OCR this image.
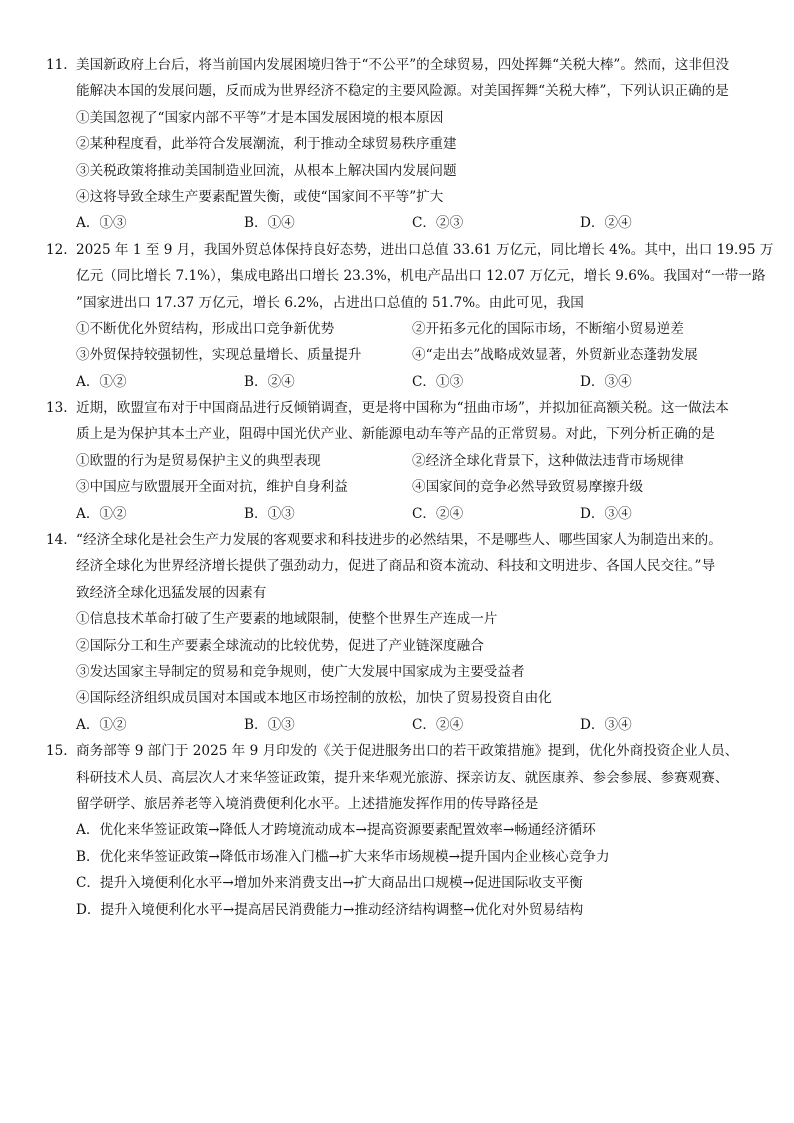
11. 美国新政府上台后，将当前国内发展困境归咎于“不公平”的全球贸易，四处挥舞“关税大棒”。然而，这非但没
能解决本国的发展问题，反而成为世界经济不稳定的主要风险源。对美国挥舞“关税大棒”，下列认识正确的是
①美国忽视了“国家内部不平等”才是本国发展困境的根本原因
②某种程度看，此举符合发展潮流，利于推动全球贸易秩序重建
③关税政策将推动美国制造业回流，从根本上解决国内发展问题
④这将导致全球生产要素配置失衡，或使“国家间不平等”扩大
A．①③	B．①④	C．②③	D．②④
12. 2025 年 1 至 9 月，我国外贸总体保持良好态势，进出口总值 33.61 万亿元，同比增长 4%。其中，出口 19.95 万
亿元（同比增长 7.1%），集成电路出口增长 23.3%，机电产品出口 12.07 万亿元，增长 9.6%。我国对“一带一路
”国家进出口 17.37 万亿元，增长 6.2%，占进出口总值的 51.7%。由此可见，我国
①不断优化外贸结构，形成出口竞争新优势	②开拓多元化的国际市场，不断缩小贸易逆差
③外贸保持较强韧性，实现总量增长、质量提升	④“走出去”战略成效显著，外贸新业态蓬勃发展
A．①②	B．②④	C．①③	D．③④
13. 近期，欧盟宣布对于中国商品进行反倾销调查，更是将中国称为“扭曲市场”，并拟加征高额关税。这一做法本
质上是为保护其本土产业，阻碍中国光伏产业、新能源电动车等产品的正常贸易。对此，下列分析正确的是
①欧盟的行为是贸易保护主义的典型表现	②经济全球化背景下，这种做法违背市场规律
③中国应与欧盟展开全面对抗，维护自身利益	④国家间的竞争必然导致贸易摩擦升级
A．①②	B．①③	C．②④	D．③④
14. “经济全球化是社会生产力发展的客观要求和科技进步的必然结果，不是哪些人、哪些国家人为制造出来的。
经济全球化为世界经济增长提供了强劲动力，促进了商品和资本流动、科技和文明进步、各国人民交往。”导
致经济全球化迅猛发展的因素有
①信息技术革命打破了生产要素的地域限制，使整个世界生产连成一片
②国际分工和生产要素全球流动的比较优势，促进了产业链深度融合
③发达国家主导制定的贸易和竞争规则，使广大发展中国家成为主要受益者
④国际经济组织成员国对本国或本地区市场控制的放松，加快了贸易投资自由化
A．①②	B．①③	C．②④	D．③④
15. 商务部等 9 部门于 2025 年 9 月印发的《关于促进服务出口的若干政策措施》提到，优化外商投资企业人员、
科研技术人员、高层次人才来华签证政策，提升来华观光旅游、探亲访友、就医康养、参会参展、参赛观赛、
留学研学、旅居养老等入境消费便利化水平。上述措施发挥作用的传导路径是
A．优化来华签证政策→降低人才跨境流动成本→提高资源要素配置效率→畅通经济循环
B．优化来华签证政策→降低市场准入门槛→扩大来华市场规模→提升国内企业核心竞争力
C．提升入境便利化水平→增加外来消费支出→扩大商品出口规模→促进国际收支平衡
D．提升入境便利化水平→提高居民消费能力→推动经济结构调整→优化对外贸易结构
